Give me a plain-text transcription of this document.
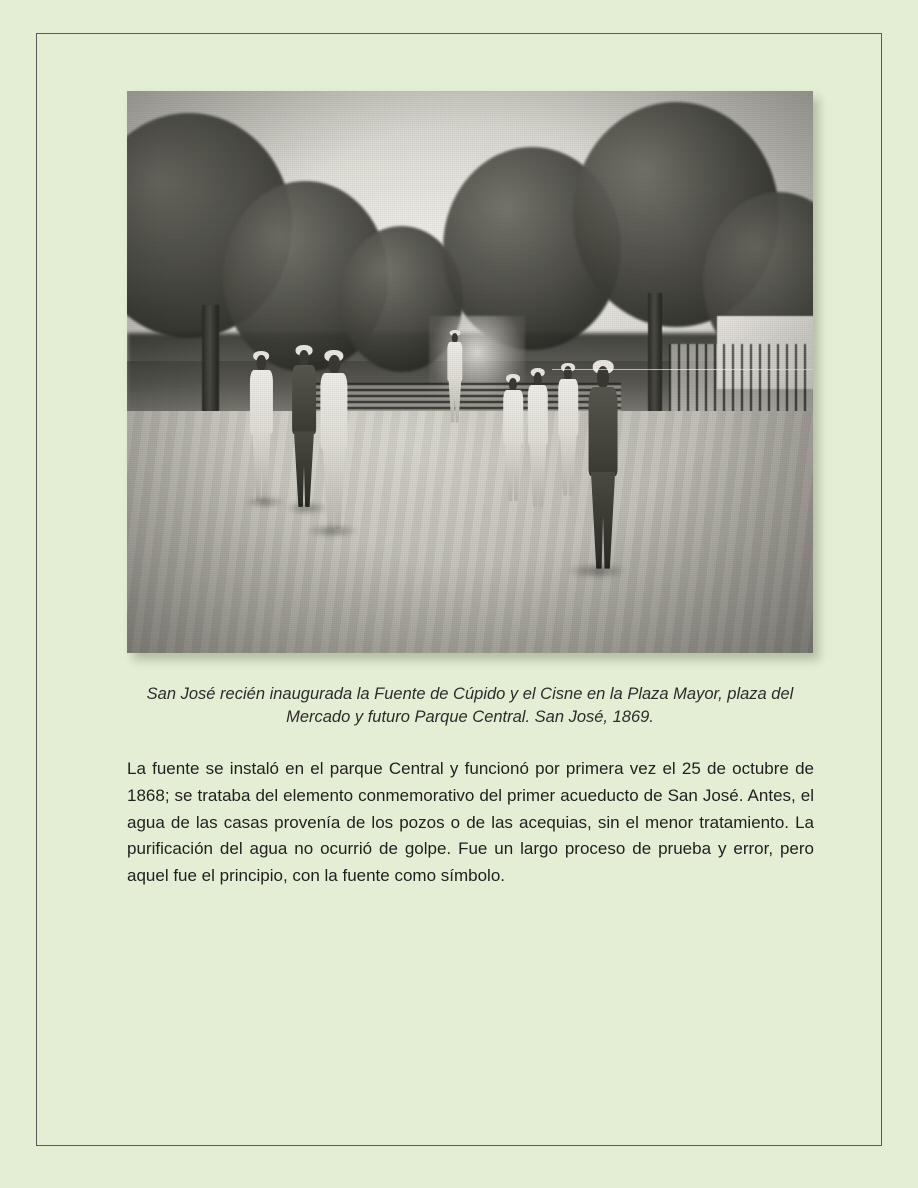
San José recién inaugurada la Fuente de Cúpido y el Cisne en la Plaza Mayor, plaza del Mercado y futuro Parque Central. San José, 1869.
La fuente se instaló en el parque Central y funcionó por primera vez el 25 de octubre de 1868; se trataba del elemento conmemorativo del primer acueducto de San José. Antes, el agua de las casas provenía de los pozos o de las acequias, sin el menor tratamiento. La purificación del agua no ocurrió de golpe. Fue un largo proceso de prueba y error, pero aquel fue el principio, con la fuente como símbolo.
